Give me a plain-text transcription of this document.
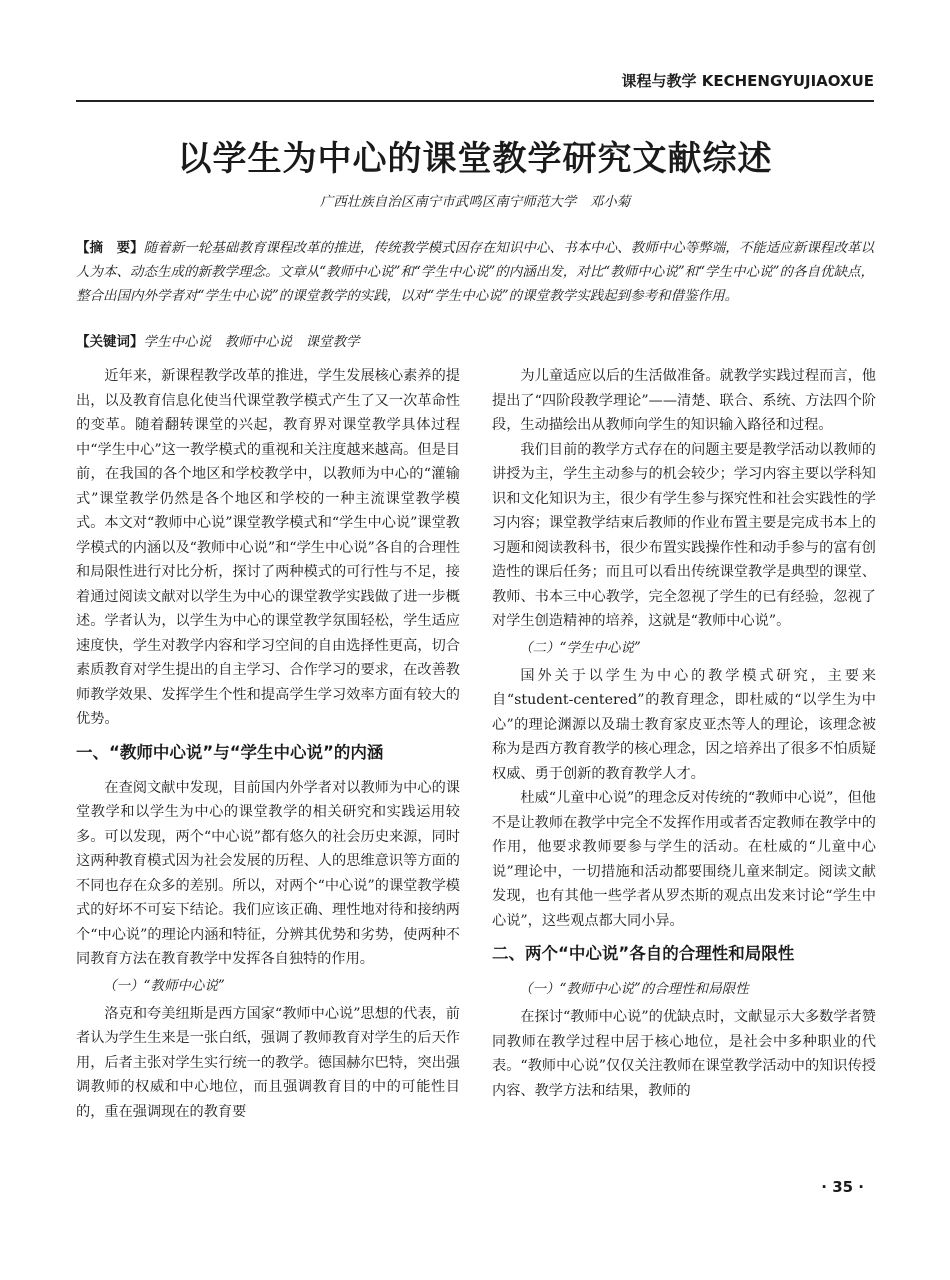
课程与教学 KECHENGYUJIAOXUE
以学生为中心的课堂教学研究文献综述
广西壮族自治区南宁市武鸣区南宁师范大学　邓小菊
【摘　要】随着新一轮基础教育课程改革的推进，传统教学模式因存在知识中心、书本中心、教师中心等弊端，不能适应新课程改革以人为本、动态生成的新教学理念。文章从“教师中心说”和“学生中心说”的内涵出发，对比“教师中心说”和“学生中心说”的各自优缺点，整合出国内外学者对“学生中心说”的课堂教学的实践，以对“学生中心说”的课堂教学实践起到参考和借鉴作用。
【关键词】学生中心说　教师中心说　课堂教学

近年来，新课程教学改革的推进，学生发展核心素养的提出，以及教育信息化使当代课堂教学模式产生了又一次革命性的变革。随着翻转课堂的兴起，教育界对课堂教学具体过程中“学生中心”这一教学模式的重视和关注度越来越高。但是目前，在我国的各个地区和学校教学中，以教师为中心的“灌输式”课堂教学仍然是各个地区和学校的一种主流课堂教学模式。本文对“教师中心说”课堂教学模式和“学生中心说”课堂教学模式的内涵以及“教师中心说”和“学生中心说”各自的合理性和局限性进行对比分析，探讨了两种模式的可行性与不足，接着通过阅读文献对以学生为中心的课堂教学实践做了进一步概述。学者认为，以学生为中心的课堂教学氛围轻松，学生适应速度快，学生对教学内容和学习空间的自由选择性更高，切合素质教育对学生提出的自主学习、合作学习的要求，在改善教师教学效果、发挥学生个性和提高学生学习效率方面有较大的优势。

一、“教师中心说”与“学生中心说”的内涵

在查阅文献中发现，目前国内外学者对以教师为中心的课堂教学和以学生为中心的课堂教学的相关研究和实践运用较多。可以发现，两个“中心说”都有悠久的社会历史来源，同时这两种教育模式因为社会发展的历程、人的思维意识等方面的不同也存在众多的差别。所以，对两个“中心说”的课堂教学模式的好坏不可妄下结论。我们应该正确、理性地对待和接纳两个“中心说”的理论内涵和特征，分辨其优势和劣势，使两种不同教育方法在教育教学中发挥各自独特的作用。

（一）“教师中心说”

洛克和夸美纽斯是西方国家“教师中心说”思想的代表，前者认为学生生来是一张白纸，强调了教师教育对学生的后天作用，后者主张对学生实行统一的教学。德国赫尔巴特，突出强调教师的权威和中心地位，而且强调教育目的中的可能性目的，重在强调现在的教育要

为儿童适应以后的生活做准备。就教学实践过程而言，他提出了“四阶段教学理论”——清楚、联合、系统、方法四个阶段，生动描绘出从教师向学生的知识输入路径和过程。

我们目前的教学方式存在的问题主要是教学活动以教师的讲授为主，学生主动参与的机会较少；学习内容主要以学科知识和文化知识为主，很少有学生参与探究性和社会实践性的学习内容；课堂教学结束后教师的作业布置主要是完成书本上的习题和阅读教科书，很少布置实践操作性和动手参与的富有创造性的课后任务；而且可以看出传统课堂教学是典型的课堂、教师、书本三中心教学，完全忽视了学生的已有经验，忽视了对学生创造精神的培养，这就是“教师中心说”。

（二）“学生中心说”

国外关于以学生为中心的教学模式研究，主要来自“student-centered”的教育理念，即杜威的“以学生为中心”的理论渊源以及瑞士教育家皮亚杰等人的理论，该理念被称为是西方教育教学的核心理念，因之培养出了很多不怕质疑权威、勇于创新的教育教学人才。

杜威“儿童中心说”的理念反对传统的“教师中心说”，但他不是让教师在教学中完全不发挥作用或者否定教师在教学中的作用，他要求教师要参与学生的活动。在杜威的“儿童中心说”理论中，一切措施和活动都要围绕儿童来制定。阅读文献发现，也有其他一些学者从罗杰斯的观点出发来讨论“学生中心说”，这些观点都大同小异。

二、两个“中心说”各自的合理性和局限性
（一）“教师中心说”的合理性和局限性

在探讨“教师中心说”的优缺点时，文献显示大多数学者赞同教师在教学过程中居于核心地位，是社会中多种职业的代表。“教师中心说”仅仅关注教师在课堂教学活动中的知识传授内容、教学方法和结果，教师的

· 35 ·
